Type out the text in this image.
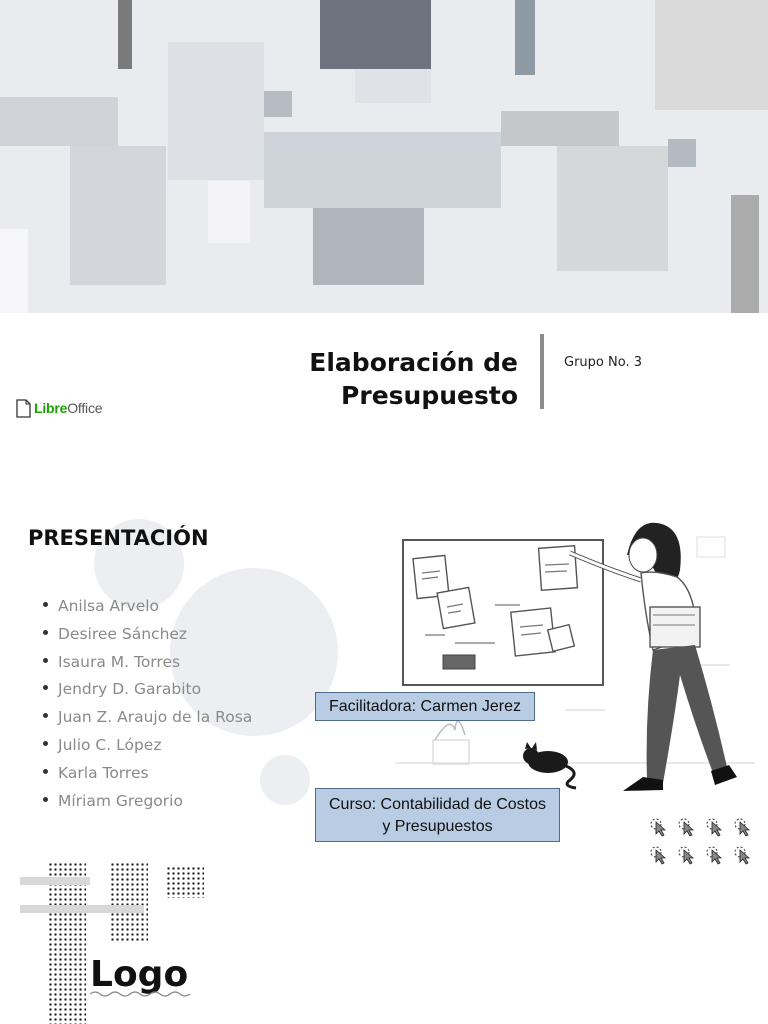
Elaboración de
Presupuesto
Grupo No. 3
LibreOffice
PRESENTACIÓN
Anilsa Arvelo
Desiree Sánchez
Isaura M. Torres
Jendry D. Garabito
Juan Z. Araujo de la Rosa
Julio C. López
Karla Torres
Míriam Gregorio
Facilitadora: Carmen Jerez
Curso: Contabilidad de Costos
y Presupuestos
Logo
